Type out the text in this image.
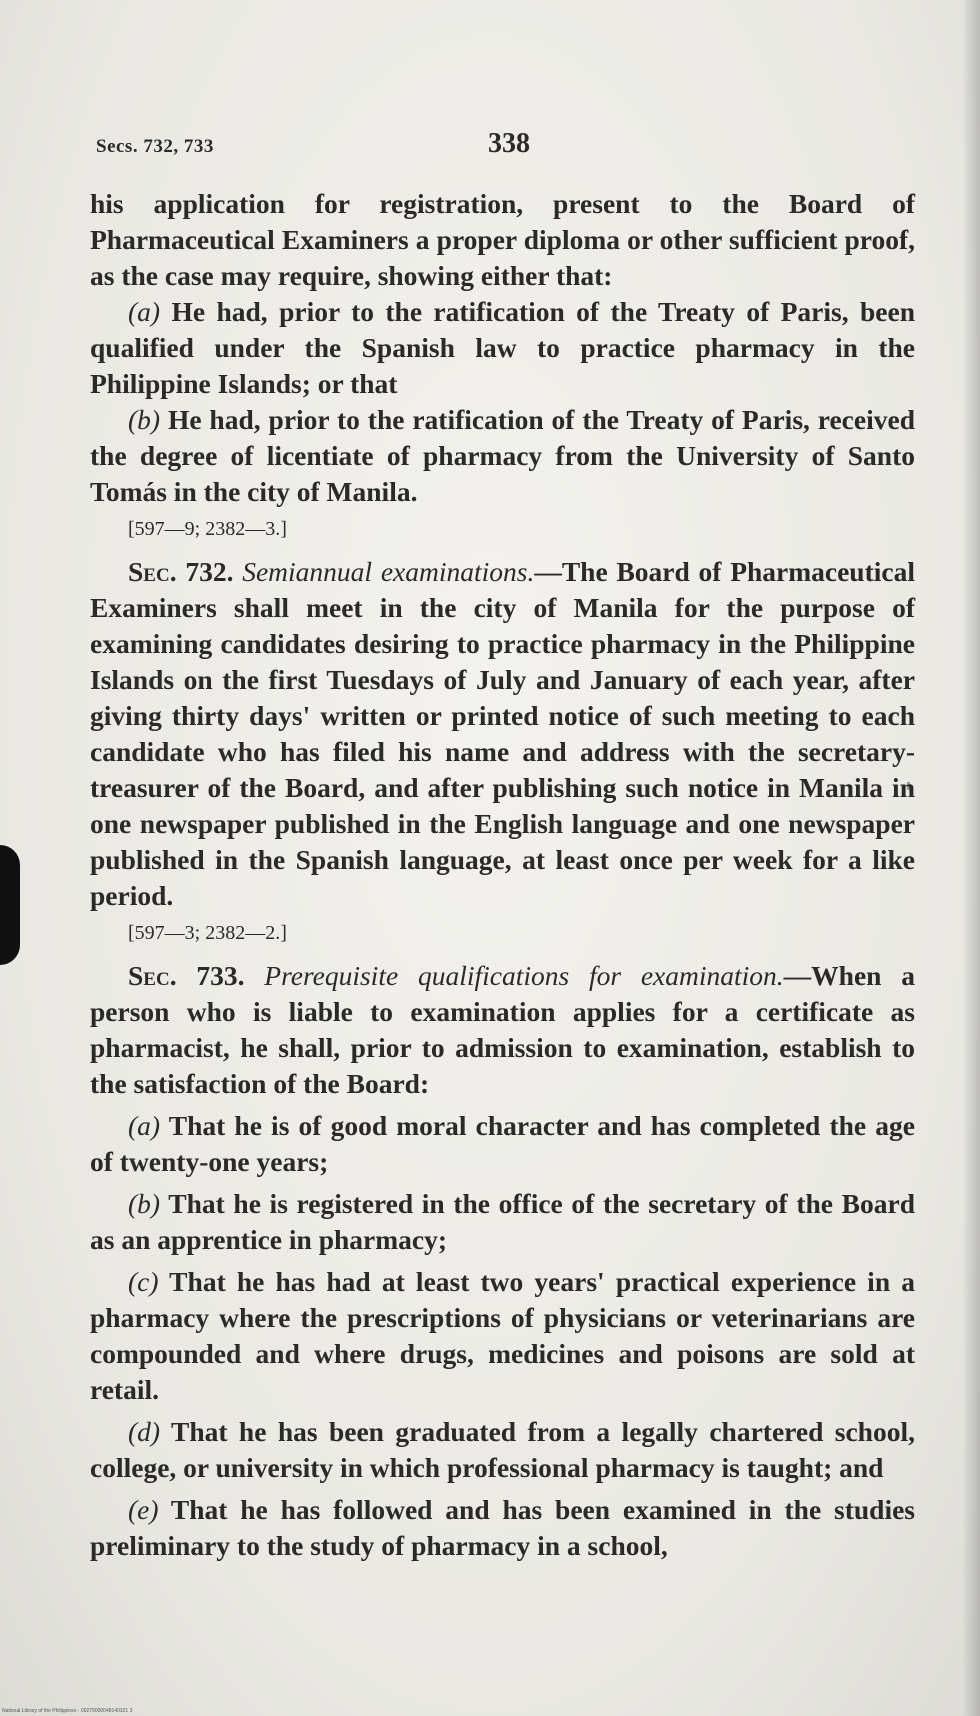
Secs. 732, 733	338

his application for registration, present to the Board of Pharmaceutical Examiners a proper diploma or other sufficient proof, as the case may require, showing either that:

(a) He had, prior to the ratification of the Treaty of Paris, been qualified under the Spanish law to practice pharmacy in the Philippine Islands; or that

(b) He had, prior to the ratification of the Treaty of Paris, received the degree of licentiate of pharmacy from the University of Santo Tomás in the city of Manila.

[597—9; 2382—3.]

Sec. 732. Semiannual examinations.—The Board of Pharmaceutical Examiners shall meet in the city of Manila for the purpose of examining candidates desiring to practice pharmacy in the Philippine Islands on the first Tuesdays of July and January of each year, after giving thirty days' written or printed notice of such meeting to each candidate who has filed his name and address with the secretary-treasurer of the Board, and after publishing such notice in Manila in one newspaper published in the English language and one newspaper published in the Spanish language, at least once per week for a like period.

[597—3; 2382—2.]

Sec. 733. Prerequisite qualifications for examination.—When a person who is liable to examination applies for a certificate as pharmacist, he shall, prior to admission to examination, establish to the satisfaction of the Board:

(a) That he is of good moral character and has completed the age of twenty-one years;

(b) That he is registered in the office of the secretary of the Board as an apprentice in pharmacy;

(c) That he has had at least two years' practical experience in a pharmacy where the prescriptions of physicians or veterinarians are compounded and where drugs, medicines and poisons are sold at retail.

(d) That he has been graduated from a legally chartered school, college, or university in which professional pharmacy is taught; and

(e) That he has followed and has been examined in the studies preliminary to the study of pharmacy in a school,

National Library of the Philippines · 00279000048140321 3
